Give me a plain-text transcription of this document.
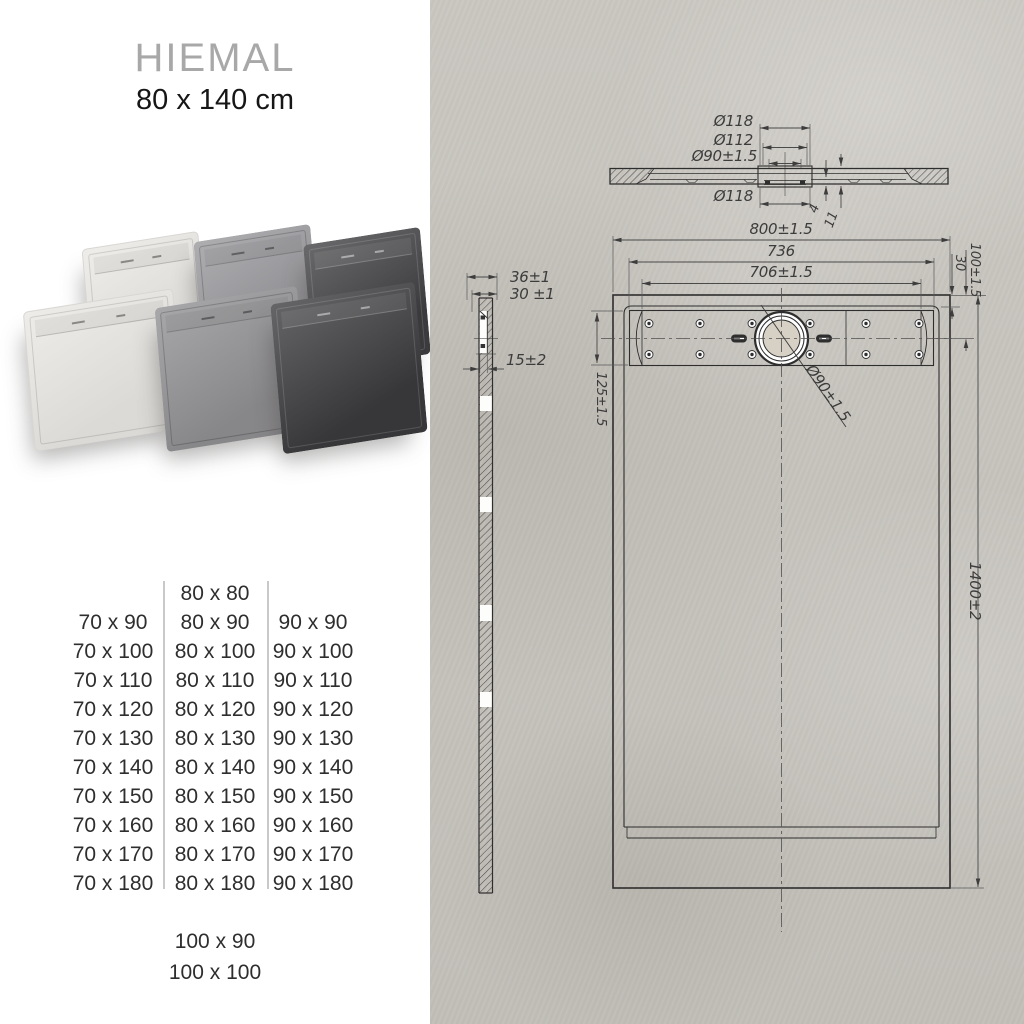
HIEMAL
80 x 140 cm
70 x 90
70 x 100
70 x 110
70 x 120
70 x 130
70 x 140
70 x 150
70 x 160
70 x 170
70 x 180
80 x 80
80 x 90
80 x 100
80 x 110
80 x 120
80 x 130
80 x 140
80 x 150
80 x 160
80 x 170
80 x 180
90 x 90
90 x 100
90 x 110
90 x 120
90 x 130
90 x 140
90 x 150
90 x 160
90 x 170
90 x 180
100 x 90
100 x 100
Ø118
Ø112
Ø90±1.5
Ø118
4
11
Ø90±1.5
800±1.5
736
706±1.5	30 100±1.5
1400±2
125±1.5
36±1
30 ±1
15±2
